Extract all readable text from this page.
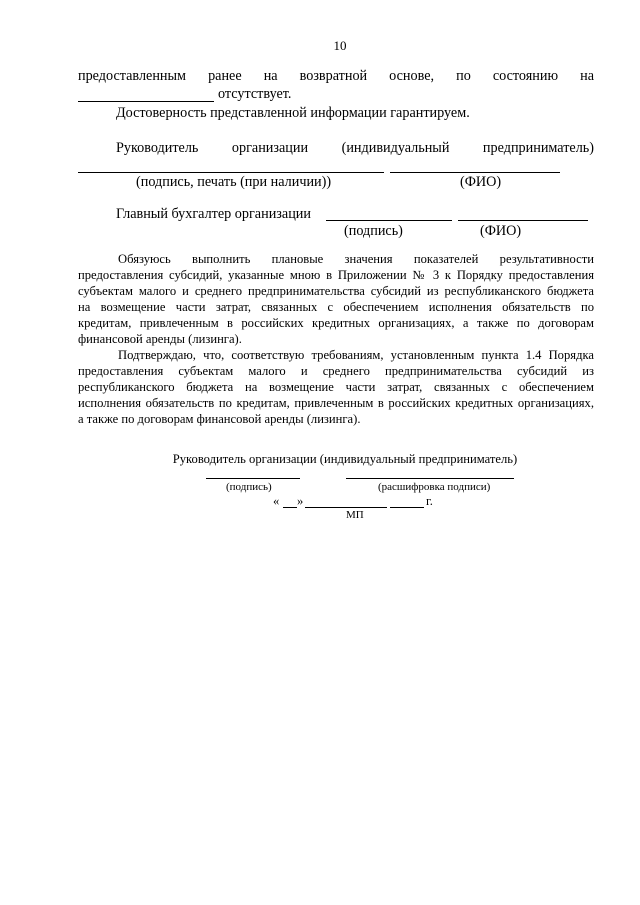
10
предоставленным ранее на возвратной основе, по состоянию на
отсутствует.
Достоверность представленной информации гарантируем.
Руководитель организации (индивидуальный предприниматель)
(подпись, печать (при наличии))	(ФИО)
Главный бухгалтер организации
(подпись)	(ФИО)
Обязуюсь выполнить плановые значения показателей результативности
предоставления субсидий, указанные мною в Приложении № 3 к Порядку предоставления
субъектам малого и среднего предпринимательства субсидий из республиканского бюджета
на возмещение части затрат, связанных с обеспечением исполнения обязательств по
кредитам, привлеченным в российских кредитных организациях, а также по договорам
финансовой аренды (лизинга).
Подтверждаю, что, соответствую требованиям, установленным пункта 1.4 Порядка
предоставления субъектам малого и среднего предпринимательства субсидий из
республиканского бюджета на возмещение части затрат, связанных с обеспечением
исполнения обязательств по кредитам, привлеченным в российских кредитных организациях,
а также по договорам финансовой аренды (лизинга).
Руководитель организации (индивидуальный предприниматель)
(подпись)	(расшифровка подписи)
« »	г.
МП
